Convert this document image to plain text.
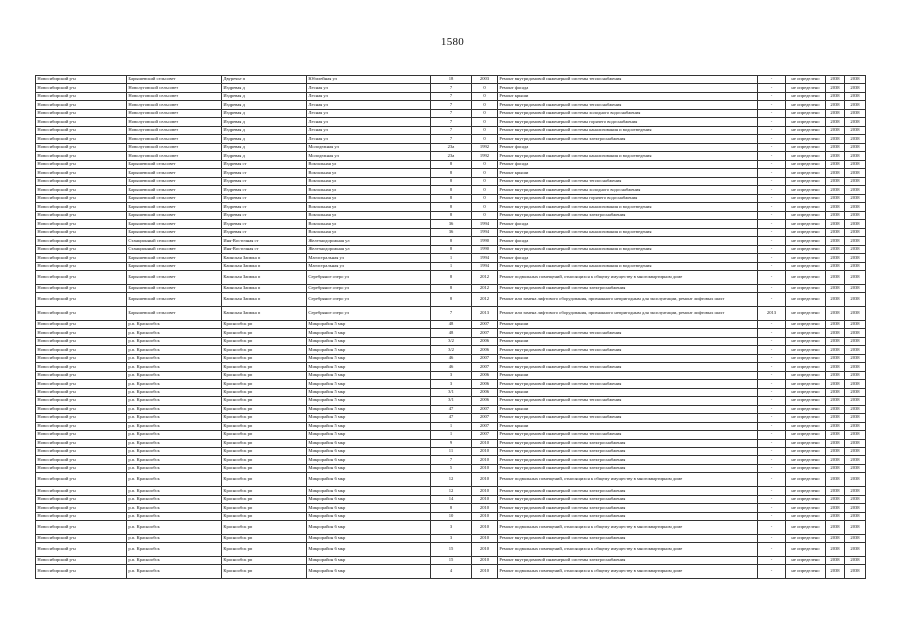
1580
Новосибирский р-н	Барышевский сельсовет	Двуречье п	Юбилейная ул	18	2003	Ремонт внутридомовой инженерной системы теплоснабжения	-	не определено	2038	2038
Новосибирский р-н	Новолуговской сельсовет	Издревая д	Лесная ул	7	0	Ремонт фасада	-	не определено	2038	2038
Новосибирский р-н	Новолуговской сельсовет	Издревая д	Лесная ул	7	0	Ремонт крыши	-	не определено	2038	2038
Новосибирский р-н	Новолуговской сельсовет	Издревая д	Лесная ул	7	0	Ремонт внутридомовой инженерной системы теплоснабжения	-	не определено	2038	2038
Новосибирский р-н	Новолуговской сельсовет	Издревая д	Лесная ул	7	0	Ремонт внутридомовой инженерной системы холодного водоснабжения	-	не определено	2038	2038
Новосибирский р-н	Новолуговской сельсовет	Издревая д	Лесная ул	7	0	Ремонт внутридомовой инженерной системы горячего водоснабжения	-	не определено	2038	2038
Новосибирский р-н	Новолуговской сельсовет	Издревая д	Лесная ул	7	0	Ремонт внутридомовой инженерной системы канализования и водоотведения	-	не определено	2038	2038
Новосибирский р-н	Новолуговской сельсовет	Издревая д	Лесная ул	7	0	Ремонт внутридомовой инженерной системы электроснабжения	-	не определено	2038	2038
Новосибирский р-н	Новолуговской сельсовет	Издревая д	Молодежная ул	23а	1992	Ремонт фасада	-	не определено	2038	2038
Новосибирский р-н	Новолуговской сельсовет	Издревая д	Молодежная ул	23а	1992	Ремонт внутридомовой инженерной системы канализования и водоотведения	-	не определено	2038	2038
Новосибирский р-н	Барышевский сельсовет	Издревая ст	Вокзальная ул	8	0	Ремонт фасада	-	не определено	2038	2038
Новосибирский р-н	Барышевский сельсовет	Издревая ст	Вокзальная ул	8	0	Ремонт крыши	-	не определено	2038	2038
Новосибирский р-н	Барышевский сельсовет	Издревая ст	Вокзальная ул	8	0	Ремонт внутридомовой инженерной системы теплоснабжения	-	не определено	2038	2038
Новосибирский р-н	Барышевский сельсовет	Издревая ст	Вокзальная ул	8	0	Ремонт внутридомовой инженерной системы холодного водоснабжения	-	не определено	2038	2038
Новосибирский р-н	Барышевский сельсовет	Издревая ст	Вокзальная ул	8	0	Ремонт внутридомовой инженерной системы горячего водоснабжения	-	не определено	2038	2038
Новосибирский р-н	Барышевский сельсовет	Издревая ст	Вокзальная ул	8	0	Ремонт внутридомовой инженерной системы канализования и водоотведения	-	не определено	2038	2038
Новосибирский р-н	Барышевский сельсовет	Издревая ст	Вокзальная ул	8	0	Ремонт внутридомовой инженерной системы электроснабжения	-	не определено	2038	2038
Новосибирский р-н	Барышевский сельсовет	Издревая ст	Вокзальная ул	36	1994	Ремонт фасада	-	не определено	2038	2038
Новосибирский р-н	Барышевский сельсовет	Издревая ст	Вокзальная ул	36	1994	Ремонт внутридомовой инженерной системы канализования и водоотведения	-	не определено	2038	2038
Новосибирский р-н	Станционный сельсовет	Иня-Восточная ст	Железнодорожная ул	8	1990	Ремонт фасада	-	не определено	2038	2038
Новосибирский р-н	Станционный сельсовет	Иня-Восточная ст	Железнодорожная ул	8	1990	Ремонт внутридомовой инженерной системы канализования и водоотведения	-	не определено	2038	2038
Новосибирский р-н	Барышевский сельсовет	Каинская Заимка п	Магистральная ул	1	1994	Ремонт фасада	-	не определено	2038	2038
Новосибирский р-н	Барышевский сельсовет	Каинская Заимка п	Магистральная ул	1	1994	Ремонт внутридомовой инженерной системы канализования и водоотведения	-	не определено	2038	2038
Новосибирский р-н	Барышевский сельсовет	Каинская Заимка п	Серебряное озеро ул	8	2012	Ремонт подвальных помещений, относящихся к общему имуществу в многоквартирном доме	-	не определено	2038	2038
Новосибирский р-н	Барышевский сельсовет	Каинская Заимка п	Серебряное озеро ул	8	2012	Ремонт внутридомовой инженерной системы электроснабжения	-	не определено	2038	2038
Новосибирский р-н	Барышевский сельсовет	Каинская Заимка п	Серебряное озеро ул	8	2012	Ремонт или замена лифтового оборудования, признанного непригодным для эксплуатации, ремонт лифтовых шахт	-	не определено	2038	2038
Новосибирский р-н	Барышевский сельсовет	Каинская Заимка п	Серебряное озеро ул	7	2013	Ремонт или замена лифтового оборудования, признанного непригодным для эксплуатации, ремонт лифтовых шахт	2013	не определено	2038	2038
Новосибирский р-н	р.п. Краснообск	Краснообск рп	Микрорайон 5 мкр	48	2007	Ремонт крыши	-	не определено	2038	2038
Новосибирский р-н	р.п. Краснообск	Краснообск рп	Микрорайон 5 мкр	48	2007	Ремонт внутридомовой инженерной системы теплоснабжения	-	не определено	2038	2038
Новосибирский р-н	р.п. Краснообск	Краснообск рп	Микрорайон 5 мкр	3/2	2006	Ремонт крыши	-	не определено	2038	2038
Новосибирский р-н	р.п. Краснообск	Краснообск рп	Микрорайон 5 мкр	3/2	2006	Ремонт внутридомовой инженерной системы теплоснабжения	-	не определено	2038	2038
Новосибирский р-н	р.п. Краснообск	Краснообск рп	Микрорайон 5 мкр	46	2007	Ремонт крыши	-	не определено	2038	2038
Новосибирский р-н	р.п. Краснообск	Краснообск рп	Микрорайон 5 мкр	46	2007	Ремонт внутридомовой инженерной системы теплоснабжения	-	не определено	2038	2038
Новосибирский р-н	р.п. Краснообск	Краснообск рп	Микрорайон 5 мкр	3	2006	Ремонт крыши	-	не определено	2038	2038
Новосибирский р-н	р.п. Краснообск	Краснообск рп	Микрорайон 5 мкр	3	2006	Ремонт внутридомовой инженерной системы теплоснабжения	-	не определено	2038	2038
Новосибирский р-н	р.п. Краснообск	Краснообск рп	Микрорайон 5 мкр	3/1	2006	Ремонт крыши	-	не определено	2038	2038
Новосибирский р-н	р.п. Краснообск	Краснообск рп	Микрорайон 5 мкр	3/1	2006	Ремонт внутридомовой инженерной системы теплоснабжения	-	не определено	2038	2038
Новосибирский р-н	р.п. Краснообск	Краснообск рп	Микрорайон 5 мкр	47	2007	Ремонт крыши	-	не определено	2038	2038
Новосибирский р-н	р.п. Краснообск	Краснообск рп	Микрорайон 5 мкр	47	2007	Ремонт внутридомовой инженерной системы теплоснабжения	-	не определено	2038	2038
Новосибирский р-н	р.п. Краснообск	Краснообск рп	Микрорайон 5 мкр	1	2007	Ремонт крыши	-	не определено	2038	2038
Новосибирский р-н	р.п. Краснообск	Краснообск рп	Микрорайон 5 мкр	1	2007	Ремонт внутридомовой инженерной системы теплоснабжения	-	не определено	2038	2038
Новосибирский р-н	р.п. Краснообск	Краснообск рп	Микрорайон 6 мкр	9	2010	Ремонт внутридомовой инженерной системы электроснабжения	-	не определено	2038	2038
Новосибирский р-н	р.п. Краснообск	Краснообск рп	Микрорайон 6 мкр	11	2010	Ремонт внутридомовой инженерной системы электроснабжения	-	не определено	2038	2038
Новосибирский р-н	р.п. Краснообск	Краснообск рп	Микрорайон 6 мкр	7	2010	Ремонт внутридомовой инженерной системы электроснабжения	-	не определено	2038	2038
Новосибирский р-н	р.п. Краснообск	Краснообск рп	Микрорайон 6 мкр	5	2010	Ремонт внутридомовой инженерной системы электроснабжения	-	не определено	2038	2038
Новосибирский р-н	р.п. Краснообск	Краснообск рп	Микрорайон 6 мкр	12	2010	Ремонт подвальных помещений, относящихся к общему имуществу в многоквартирном доме	-	не определено	2038	2038
Новосибирский р-н	р.п. Краснообск	Краснообск рп	Микрорайон 6 мкр	12	2010	Ремонт внутридомовой инженерной системы электроснабжения	-	не определено	2038	2038
Новосибирский р-н	р.п. Краснообск	Краснообск рп	Микрорайон 6 мкр	14	2010	Ремонт внутридомовой инженерной системы электроснабжения	-	не определено	2038	2038
Новосибирский р-н	р.п. Краснообск	Краснообск рп	Микрорайон 6 мкр	8	2010	Ремонт внутридомовой инженерной системы электроснабжения	-	не определено	2038	2038
Новосибирский р-н	р.п. Краснообск	Краснообск рп	Микрорайон 6 мкр	10	2010	Ремонт внутридомовой инженерной системы электроснабжения	-	не определено	2038	2038
Новосибирский р-н	р.п. Краснообск	Краснообск рп	Микрорайон 6 мкр	3	2010	Ремонт подвальных помещений, относящихся к общему имуществу в многоквартирном доме	-	не определено	2038	2038
Новосибирский р-н	р.п. Краснообск	Краснообск рп	Микрорайон 6 мкр	3	2010	Ремонт внутридомовой инженерной системы электроснабжения	-	не определено	2038	2038
Новосибирский р-н	р.п. Краснообск	Краснообск рп	Микрорайон 6 мкр	15	2010	Ремонт подвальных помещений, относящихся к общему имуществу в многоквартирном доме	-	не определено	2038	2038
Новосибирский р-н	р.п. Краснообск	Краснообск рп	Микрорайон 6 мкр	15	2010	Ремонт внутридомовой инженерной системы электроснабжения	-	не определено	2038	2038
Новосибирский р-н	р.п. Краснообск	Краснообск рп	Микрорайон 6 мкр	4	2010	Ремонт подвальных помещений, относящихся к общему имуществу в многоквартирном доме	-	не определено	2038	2038
